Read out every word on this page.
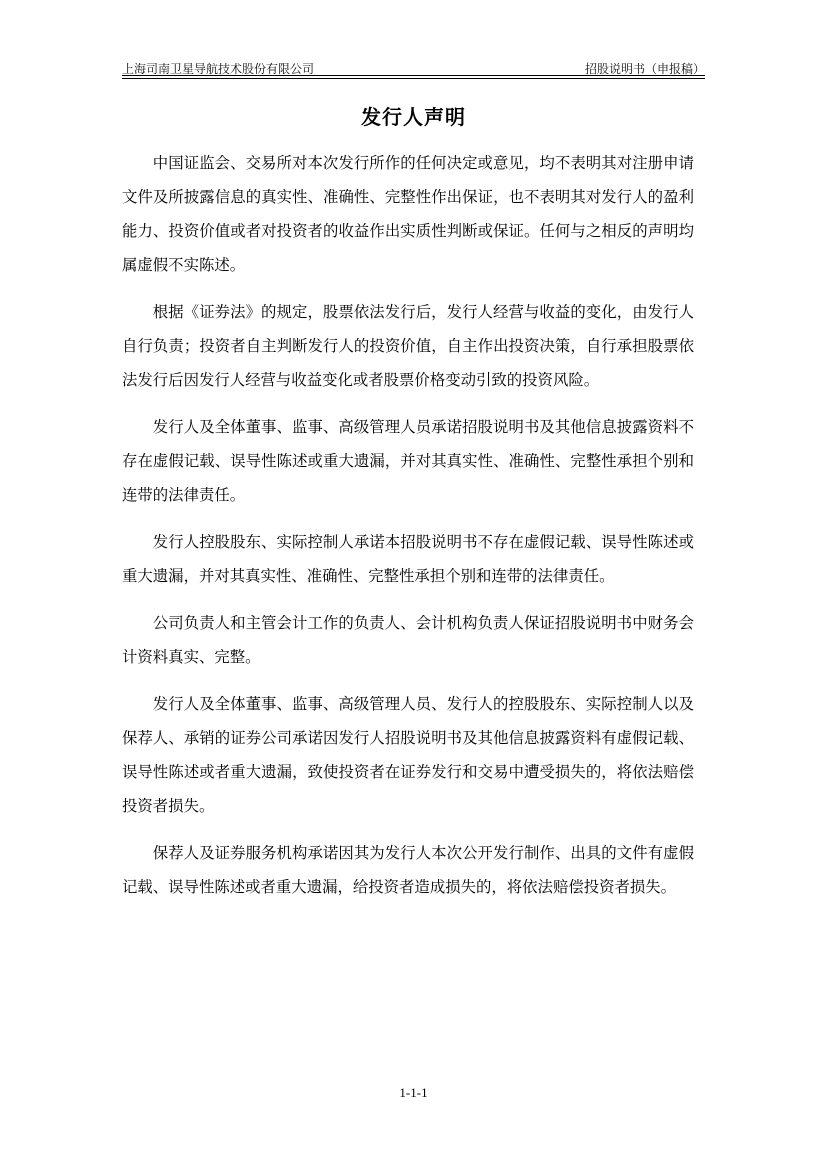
上海司南卫星导航技术股份有限公司	招股说明书（申报稿）
发行人声明

中国证监会、交易所对本次发行所作的任何决定或意见，均不表明其对注册申请文件及所披露信息的真实性、准确性、完整性作出保证，也不表明其对发行人的盈利能力、投资价值或者对投资者的收益作出实质性判断或保证。任何与之相反的声明均属虚假不实陈述。

根据《证券法》的规定，股票依法发行后，发行人经营与收益的变化，由发行人自行负责；投资者自主判断发行人的投资价值，自主作出投资决策，自行承担股票依法发行后因发行人经营与收益变化或者股票价格变动引致的投资风险。

发行人及全体董事、监事、高级管理人员承诺招股说明书及其他信息披露资料不存在虚假记载、误导性陈述或重大遗漏，并对其真实性、准确性、完整性承担个别和连带的法律责任。

发行人控股股东、实际控制人承诺本招股说明书不存在虚假记载、误导性陈述或重大遗漏，并对其真实性、准确性、完整性承担个别和连带的法律责任。

公司负责人和主管会计工作的负责人、会计机构负责人保证招股说明书中财务会计资料真实、完整。

发行人及全体董事、监事、高级管理人员、发行人的控股股东、实际控制人以及保荐人、承销的证券公司承诺因发行人招股说明书及其他信息披露资料有虚假记载、误导性陈述或者重大遗漏，致使投资者在证券发行和交易中遭受损失的，将依法赔偿投资者损失。

保荐人及证券服务机构承诺因其为发行人本次公开发行制作、出具的文件有虚假记载、误导性陈述或者重大遗漏，给投资者造成损失的，将依法赔偿投资者损失。

1-1-1
